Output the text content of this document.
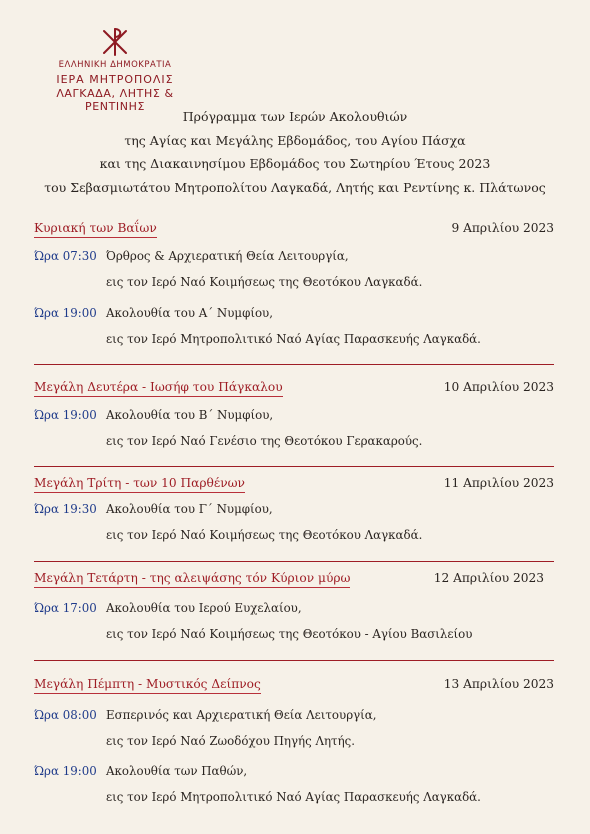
ΕΛΛΗΝΙΚΗ ΔΗΜΟΚΡΑΤΙΑ
ΙΕΡΑ ΜΗΤΡΟΠΟΛΙΣ
ΛΑΓΚΑΔΑ, ΛΗΤΗΣ & ΡΕΝΤΙΝΗΣ
Πρόγραμμα των Ιερών Ακολουθιών
της Αγίας και Μεγάλης Εβδομάδος, του Αγίου Πάσχα
και της Διακαινησίμου Εβδομάδος του Σωτηρίου Έτους 2023
του Σεβασμιωτάτου Μητροπολίτου Λαγκαδά, Λητής και Ρεντίνης κ. Πλάτωνος
Κυριακή των Βαΐων	9 Απριλίου 2023
Ώρα 07:30 Όρθρος & Αρχιερατική Θεία Λειτουργία,
εις τον Ιερό Ναό Κοιμήσεως της Θεοτόκου Λαγκαδά.
Ώρα 19:00 Ακολουθία του Α΄ Νυμφίου,
εις τον Ιερό Μητροπολιτικό Ναό Αγίας Παρασκευής Λαγκαδά.
Μεγάλη Δευτέρα - Ιωσήφ του Πάγκαλου	10 Απριλίου 2023
Ώρα 19:00 Ακολουθία του Β΄ Νυμφίου,
εις τον Ιερό Ναό Γενέσιο της Θεοτόκου Γερακαρούς.
Μεγάλη Τρίτη - των 10 Παρθένων	11 Απριλίου 2023
Ώρα 19:30 Ακολουθία του Γ΄ Νυμφίου,
εις τον Ιερό Ναό Κοιμήσεως της Θεοτόκου Λαγκαδά.
Μεγάλη Τετάρτη - της αλειψάσης τόν Κύριον μύρω	12 Απριλίου 2023
Ώρα 17:00 Ακολουθία του Ιερού Ευχελαίου,
εις τον Ιερό Ναό Κοιμήσεως της Θεοτόκου - Αγίου Βασιλείου
Μεγάλη Πέμπτη - Μυστικός Δείπνος	13 Απριλίου 2023
Ώρα 08:00 Εσπερινός και Αρχιερατική Θεία Λειτουργία,
εις τον Ιερό Ναό Ζωοδόχου Πηγής Λητής.
Ώρα 19:00 Ακολουθία των Παθών,
εις τον Ιερό Μητροπολιτικό Ναό Αγίας Παρασκευής Λαγκαδά.
